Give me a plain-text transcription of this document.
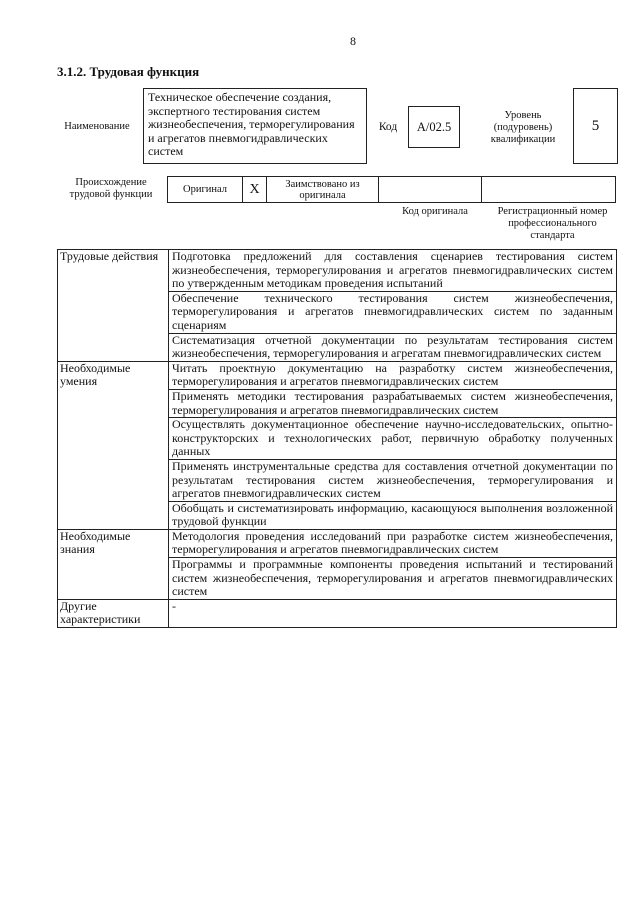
8
3.1.2. Трудовая функция
Наименование
Техническое обеспечение создания, экспертного тестирования систем жизнеобеспечения, терморегулирования и агрегатов пневмогидравлических систем
Код	A/02.5
Уровень (подуровень) квалификации
5
Происхождение трудовой функции	Оригинал X	Заимствовано из оригинала
Код оригинала	Регистрационный номер профессионального стандарта
Трудовые действия	Подготовка предложений для составления сценариев тестирования систем жизнеобеспечения, терморегулирования и агрегатов пневмогидравлических систем по утвержденным методикам проведения испытаний
	Обеспечение технического тестирования систем жизнеобеспечения, терморегулирования и агрегатов пневмогидравлических систем по заданным сценариям
	Систематизация отчетной документации по результатам тестирования систем жизнеобеспечения, терморегулирования и агрегатам пневмогидравлических систем
Необходимые умения	Читать проектную документацию на разработку систем жизнеобеспечения, терморегулирования и агрегатов пневмогидравлических систем
	Применять методики тестирования разрабатываемых систем жизнеобеспечения, терморегулирования и агрегатов пневмогидравлических систем
	Осуществлять документационное обеспечение научно-исследовательских, опытно-конструкторских и технологических работ, первичную обработку полученных данных
	Применять инструментальные средства для составления отчетной документации по результатам тестирования систем жизнеобеспечения, терморегулирования и агрегатов пневмогидравлических систем
	Обобщать и систематизировать информацию, касающуюся выполнения возложенной трудовой функции
Необходимые знания	Методология проведения исследований при разработке систем жизнеобеспечения, терморегулирования и агрегатов пневмогидравлических систем
	Программы и программные компоненты проведения испытаний и тестирований систем жизнеобеспечения, терморегулирования и агрегатов пневмогидравлических систем
Другие характеристики	-
